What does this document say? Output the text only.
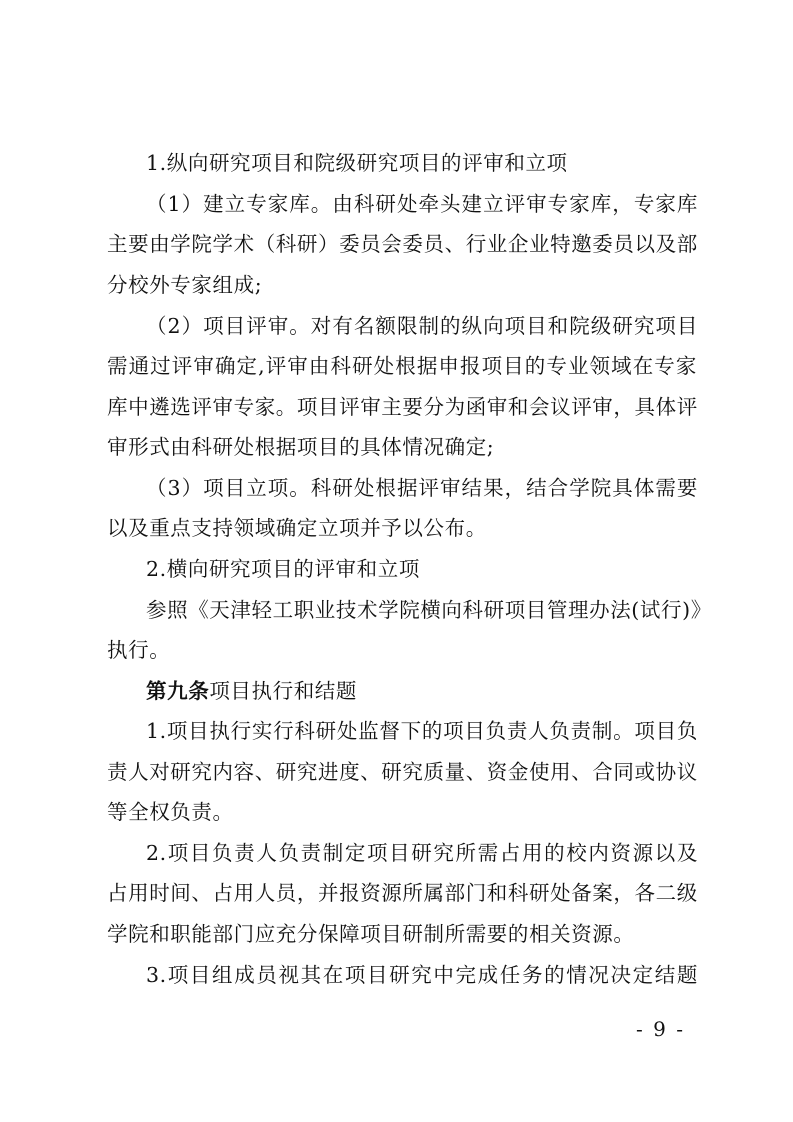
1.纵向研究项目和院级研究项目的评审和立项
（1）建立专家库。由科研处牵头建立评审专家库，专家库
主要由学院学术（科研）委员会委员、行业企业特邀委员以及部
分校外专家组成;
（2）项目评审。对有名额限制的纵向项目和院级研究项目
需通过评审确定,评审由科研处根据申报项目的专业领域在专家
库中遴选评审专家。项目评审主要分为函审和会议评审，具体评
审形式由科研处根据项目的具体情况确定;
（3）项目立项。科研处根据评审结果，结合学院具体需要
以及重点支持领域确定立项并予以公布。
2.横向研究项目的评审和立项
参照《天津轻工职业技术学院横向科研项目管理办法(试行)》
执行。
第九条项目执行和结题
1.项目执行实行科研处监督下的项目负责人负责制。项目负
责人对研究内容、研究进度、研究质量、资金使用、合同或协议
等全权负责。
2.项目负责人负责制定项目研究所需占用的校内资源以及
占用时间、占用人员，并报资源所属部门和科研处备案，各二级
学院和职能部门应充分保障项目研制所需要的相关资源。
3.项目组成员视其在项目研究中完成任务的情况决定结题
- 9 -
